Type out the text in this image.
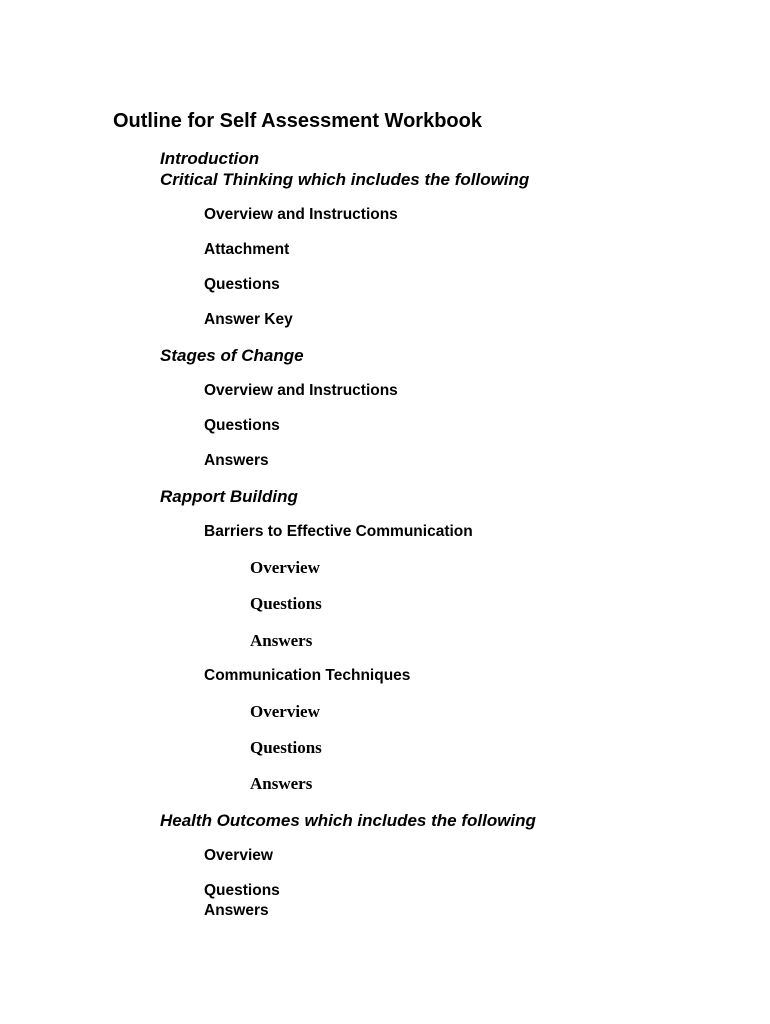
Outline for Self Assessment Workbook
Introduction
Critical Thinking which includes the following
Overview and Instructions
Attachment
Questions
Answer Key
Stages of Change
Overview and Instructions
Questions
Answers
Rapport Building
Barriers to Effective Communication
Overview
Questions
Answers
Communication Techniques
Overview
Questions
Answers
Health Outcomes which includes the following
Overview
Questions
Answers
